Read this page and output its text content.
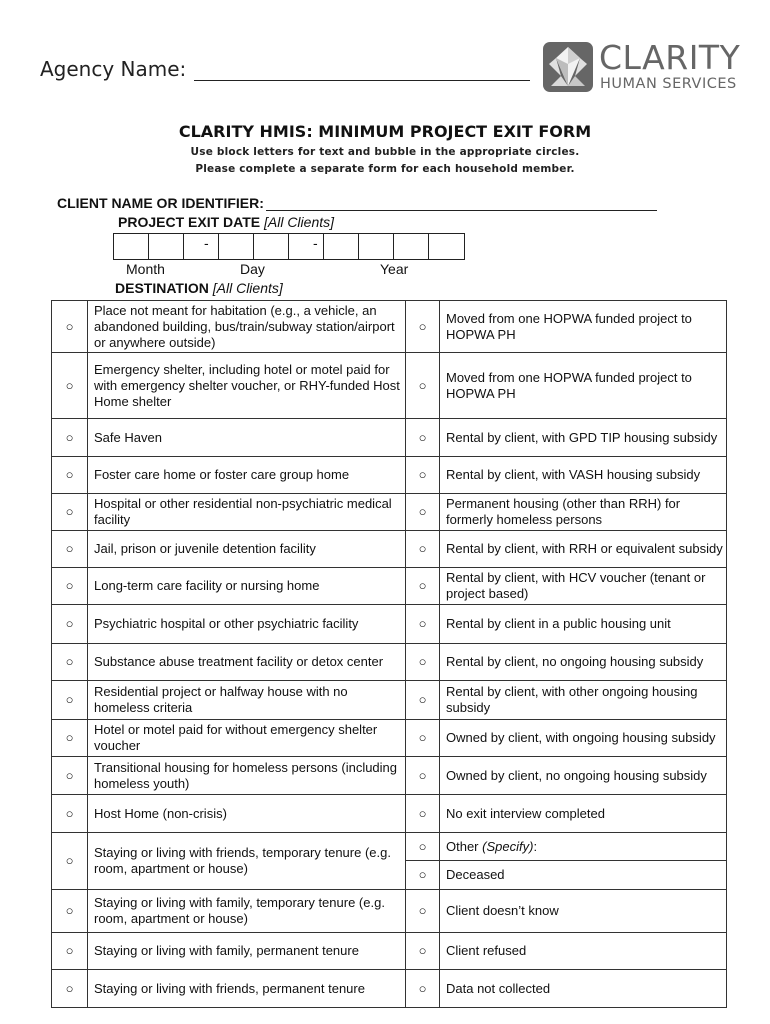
Agency Name:	CLARITY
HUMAN SERVICES
CLARITY HMIS: MINIMUM PROJECT EXIT FORM
Use block letters for text and bubble in the appropriate circles.
Please complete a separate form for each household member.
CLIENT NAME OR IDENTIFIER:
PROJECT EXIT DATE [All Clients]
-	-
Month	Day	Year
DESTINATION [All Clients]
○	Place not meant for habitation (e.g., a vehicle, an abandoned building, bus/train/subway station/airport or anywhere outside)	○	Moved from one HOPWA funded project to HOPWA PH
○	Emergency shelter, including hotel or motel paid for with emergency shelter voucher, or RHY-funded Host Home shelter	○	Moved from one HOPWA funded project to HOPWA PH
○	Safe Haven	○	Rental by client, with GPD TIP housing subsidy
○	Foster care home or foster care group home	○	Rental by client, with VASH housing subsidy
○	Hospital or other residential non-psychiatric medical facility	○	Permanent housing (other than RRH) for formerly homeless persons
○	Jail, prison or juvenile detention facility	○	Rental by client, with RRH or equivalent subsidy
○	Long-term care facility or nursing home	○	Rental by client, with HCV voucher (tenant or project based)
○	Psychiatric hospital or other psychiatric facility	○	Rental by client in a public housing unit
○	Substance abuse treatment facility or detox center	○	Rental by client, no ongoing housing subsidy
○	Residential project or halfway house with no homeless criteria	○	Rental by client, with other ongoing housing subsidy
○	Hotel or motel paid for without emergency shelter voucher	○	Owned by client, with ongoing housing subsidy
○	Transitional housing for homeless persons (including homeless youth)	○	Owned by client, no ongoing housing subsidy
○	Host Home (non-crisis)	○	No exit interview completed
○	Staying or living with friends, temporary tenure (e.g. room, apartment or house)	○	Other (Specify):
		○	Deceased
○	Staying or living with family, temporary tenure (e.g. room, apartment or house)	○	Client doesn’t know
○	Staying or living with family, permanent tenure	○	Client refused
○	Staying or living with friends, permanent tenure	○	Data not collected
